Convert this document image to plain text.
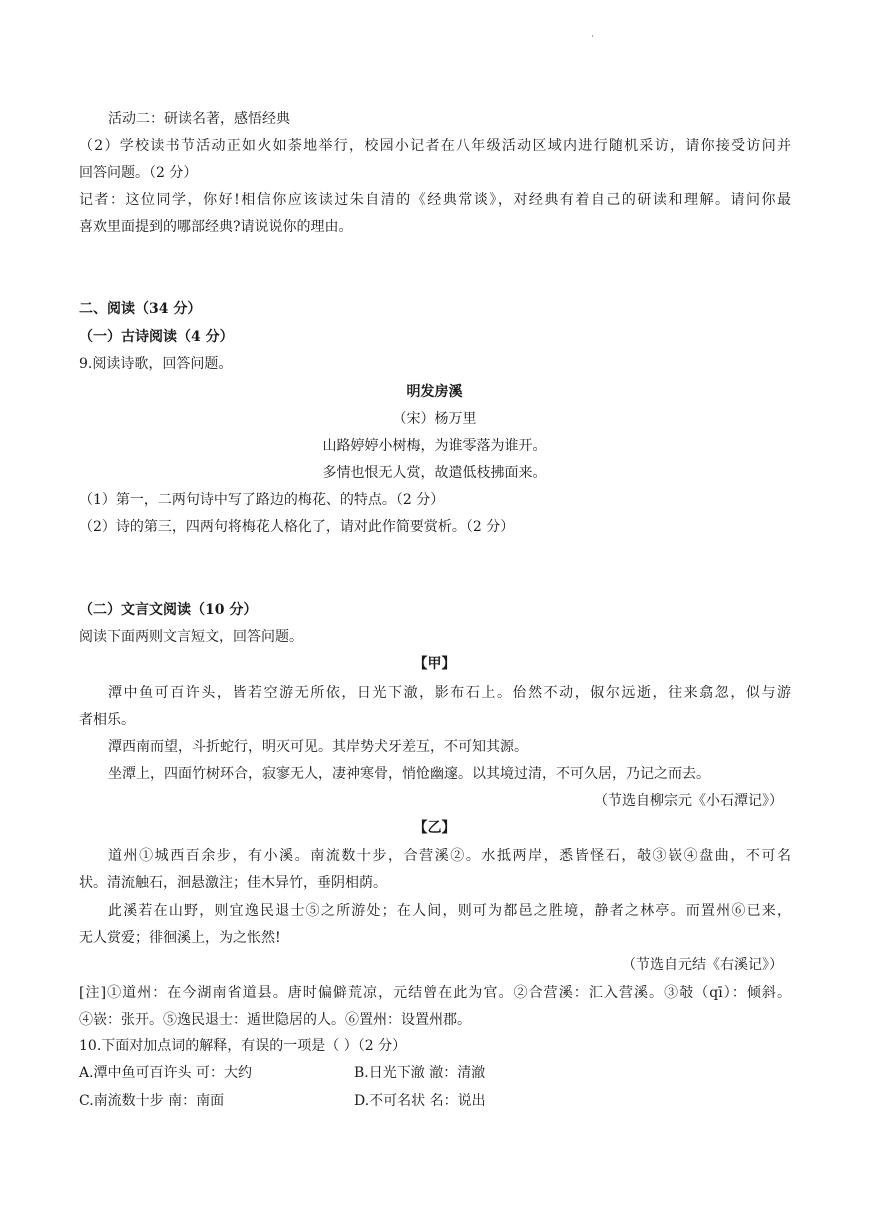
·
活动二：研读名著，感悟经典
（2）学校读书节活动正如火如荼地举行，校园小记者在八年级活动区域内进行随机采访，请你接受访问并
回答问题。（2 分）
记者：这位同学，你好!相信你应该读过朱自清的《经典常谈》，对经典有着自己的研读和理解。请问你最
喜欢里面提到的哪部经典?请说说你的理由。
二、阅读（34 分）
（一）古诗阅读（4 分）
9.阅读诗歌，回答问题。
明发房溪
（宋）杨万里
山路婷婷小树梅，为谁零落为谁开。
多情也恨无人赏，故遣低枝拂面来。
（1）第一，二两句诗中写了路边的梅花、的特点。（2 分）
（2）诗的第三，四两句将梅花人格化了，请对此作简要赏析。（2 分）
（二）文言文阅读（10 分）
阅读下面两则文言短文，回答问题。
【甲】
潭中鱼可百许头，皆若空游无所依，日光下澈，影布石上。佁然不动，俶尔远逝，往来翕忽，似与游
者相乐。
潭西南而望，斗折蛇行，明灭可见。其岸势犬牙差互，不可知其源。
坐潭上，四面竹树环合，寂寥无人，凄神寒骨，悄怆幽邃。以其境过清，不可久居，乃记之而去。
（节选自柳宗元《小石潭记》）
【乙】
道州①城西百余步，有小溪。南流数十步，合营溪②。水抵两岸，悉皆怪石，攲③嵚④盘曲，不可名
状。清流触石，洄悬激注；佳木异竹，垂阴相荫。
此溪若在山野，则宜逸民退士⑤之所游处；在人间，则可为都邑之胜境，静者之林亭。而置州⑥已来，
无人赏爱；徘徊溪上，为之怅然!
（节选自元结《右溪记》）
[注]①道州：在今湖南省道县。唐时偏僻荒凉，元结曾在此为官。②合营溪：汇入营溪。③攲（qī）：倾斜。
④嵚：张开。⑤逸民退士：遁世隐居的人。⑥置州：设置州郡。
10.下面对加点词的解释，有误的一项是（ ）（2 分）
A.潭中鱼可百许头 可：大约	B.日光下澈 澈：清澈
C.南流数十步 南：南面	D.不可名状 名：说出
